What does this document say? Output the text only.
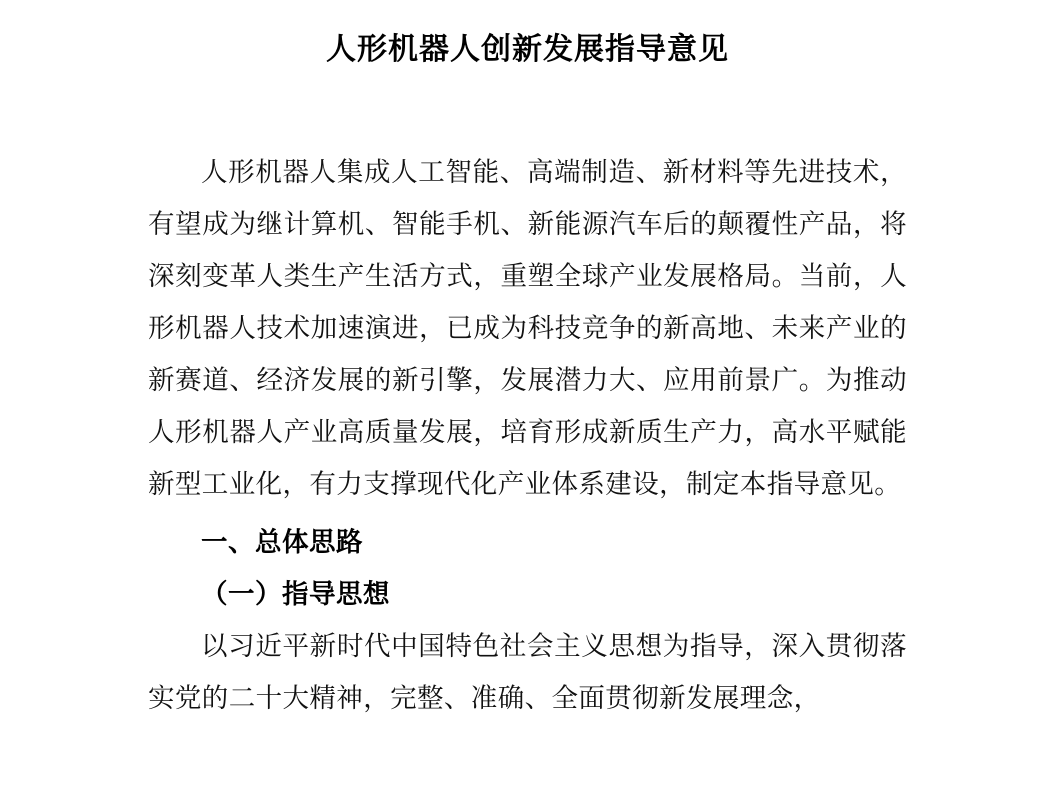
人形机器人创新发展指导意见

人形机器人集成人工智能、高端制造、新材料等先进技术，有望成为继计算机、智能手机、新能源汽车后的颠覆性产品，将深刻变革人类生产生活方式，重塑全球产业发展格局。当前，人形机器人技术加速演进，已成为科技竞争的新高地、未来产业的新赛道、经济发展的新引擎，发展潜力大、应用前景广。为推动人形机器人产业高质量发展，培育形成新质生产力，高水平赋能新型工业化，有力支撑现代化产业体系建设，制定本指导意见。

一、总体思路
（一）指导思想

以习近平新时代中国特色社会主义思想为指导，深入贯彻落实党的二十大精神，完整、准确、全面贯彻新发展理念，
